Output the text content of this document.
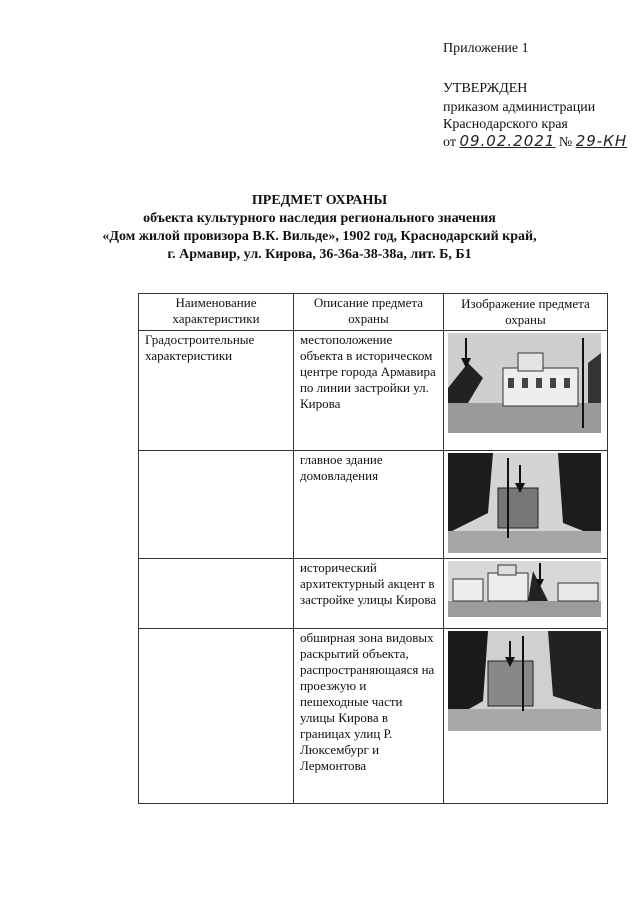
Приложение 1
УТВЕРЖДЕН
приказом администрации
Краснодарского края
от 09.02.2021 № 29-КН
ПРЕДМЕТ ОХРАНЫ
объекта культурного наследия регионального значения
«Дом жилой провизора В.К. Вильде», 1902 год, Краснодарский край,
г. Армавир, ул. Кирова, 36-36а-38-38а, лит. Б, Б1
Наименование характеристики	Описание предмета охраны	Изображение предмета охраны
Градостроительные характеристики	местоположение объекта в историческом центре города Армавира по линии застройки ул. Кирова	

	главное здание домовладения	

	исторический архитектурный акцент в застройке улицы Кирова	

	обширная зона видовых раскрытий объекта, распространяющаяся на проезжую и пешеходные части улицы Кирова в границах улиц Р. Люксембург и Лермонтова	
